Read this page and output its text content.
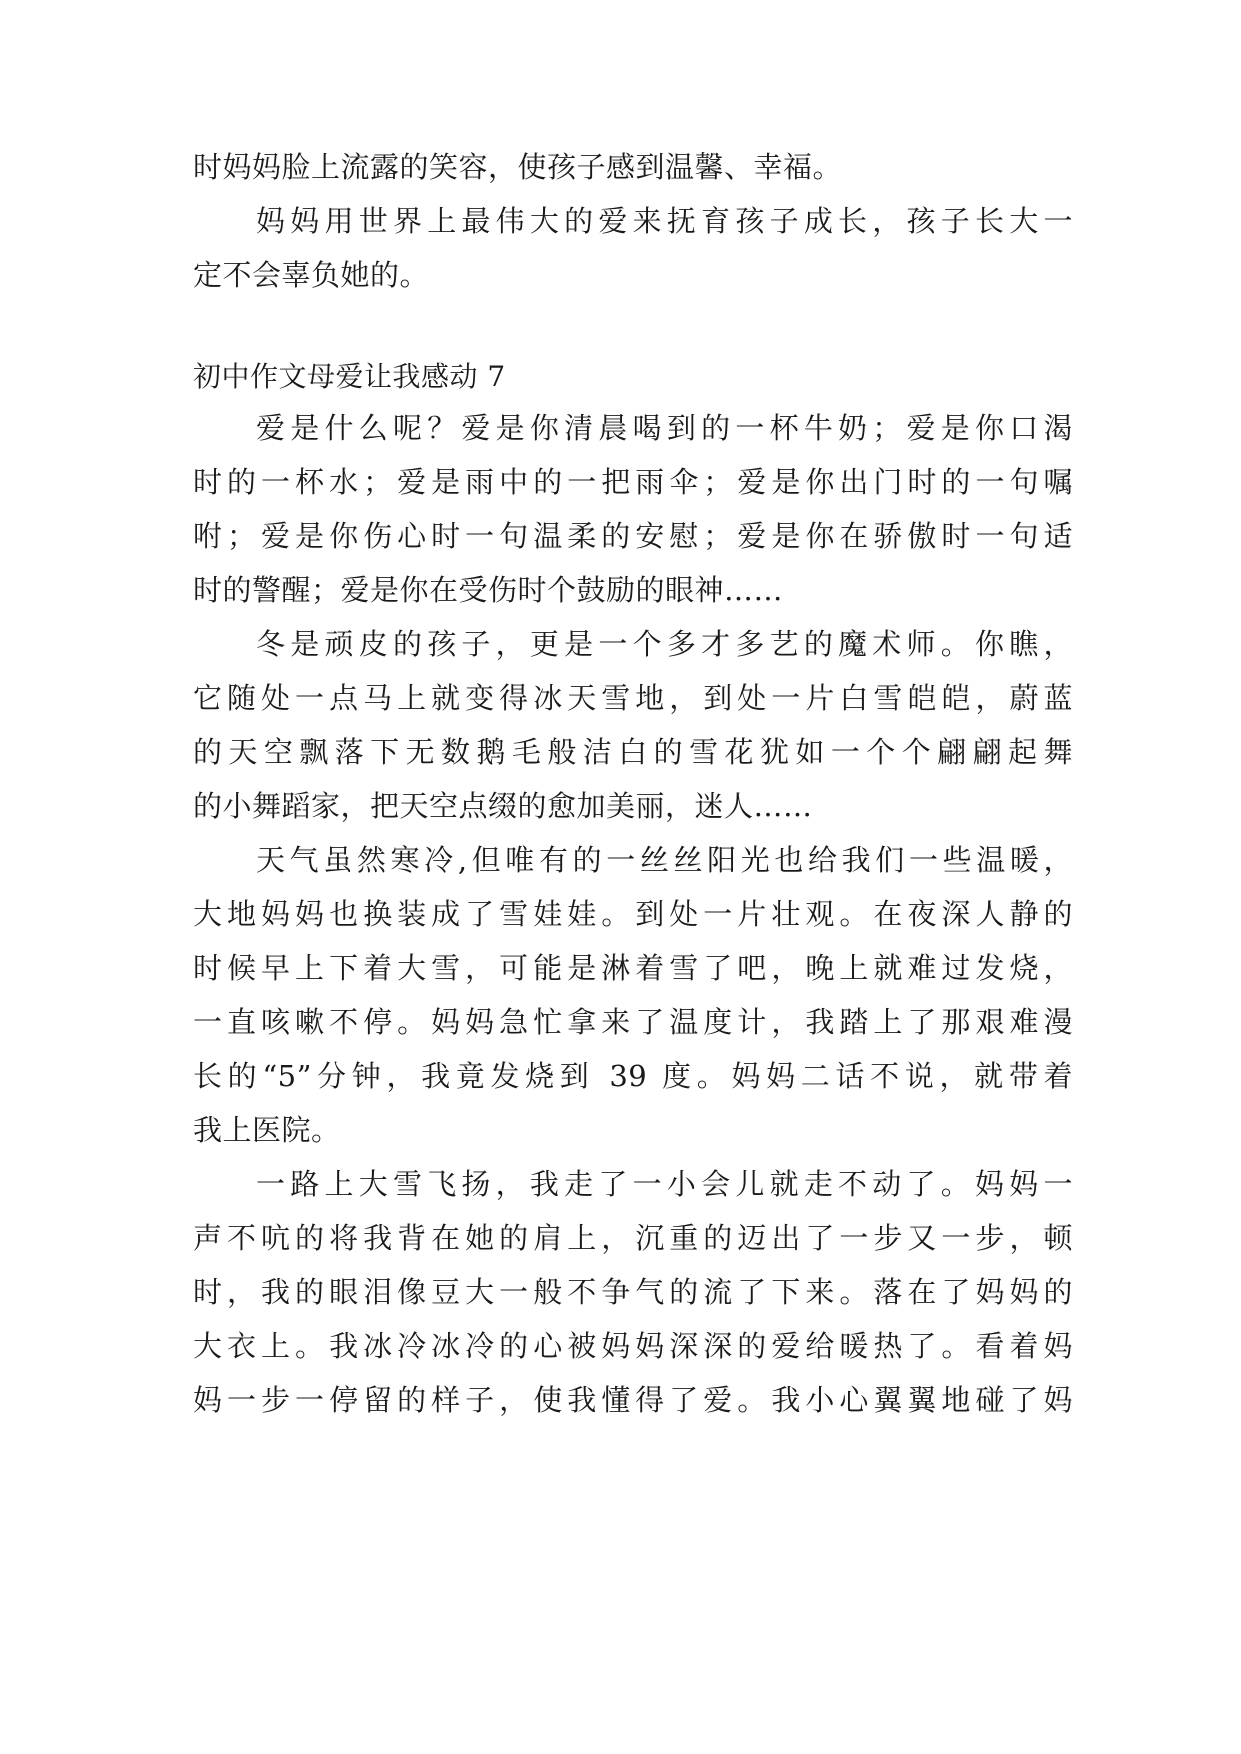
时妈妈脸上流露的笑容，使孩子感到温馨、幸福。
妈妈用世界上最伟大的爱来抚育孩子成长，孩子长大一
定不会辜负她的。
初中作文母爱让我感动 7
爱是什么呢？爱是你清晨喝到的一杯牛奶；爱是你口渴
时的一杯水；爱是雨中的一把雨伞；爱是你出门时的一句嘱
咐；爱是你伤心时一句温柔的安慰；爱是你在骄傲时一句适
时的警醒；爱是你在受伤时个鼓励的眼神……
冬是顽皮的孩子，更是一个多才多艺的魔术师。你瞧，
它随处一点马上就变得冰天雪地，到处一片白雪皑皑，蔚蓝
的天空飘落下无数鹅毛般洁白的雪花犹如一个个翩翩起舞
的小舞蹈家，把天空点缀的愈加美丽，迷人……
天气虽然寒冷,但唯有的一丝丝阳光也给我们一些温暖，
大地妈妈也换装成了雪娃娃。到处一片壮观。在夜深人静的
时候早上下着大雪，可能是淋着雪了吧，晚上就难过发烧，
一直咳嗽不停。妈妈急忙拿来了温度计，我踏上了那艰难漫
长的“5”分钟，我竟发烧到 39 度。妈妈二话不说，就带着
我上医院。
一路上大雪飞扬，我走了一小会儿就走不动了。妈妈一
声不吭的将我背在她的肩上，沉重的迈出了一步又一步，顿
时，我的眼泪像豆大一般不争气的流了下来。落在了妈妈的
大衣上。我冰冷冰冷的心被妈妈深深的爱给暖热了。看着妈
妈一步一停留的样子，使我懂得了爱。我小心翼翼地碰了妈
